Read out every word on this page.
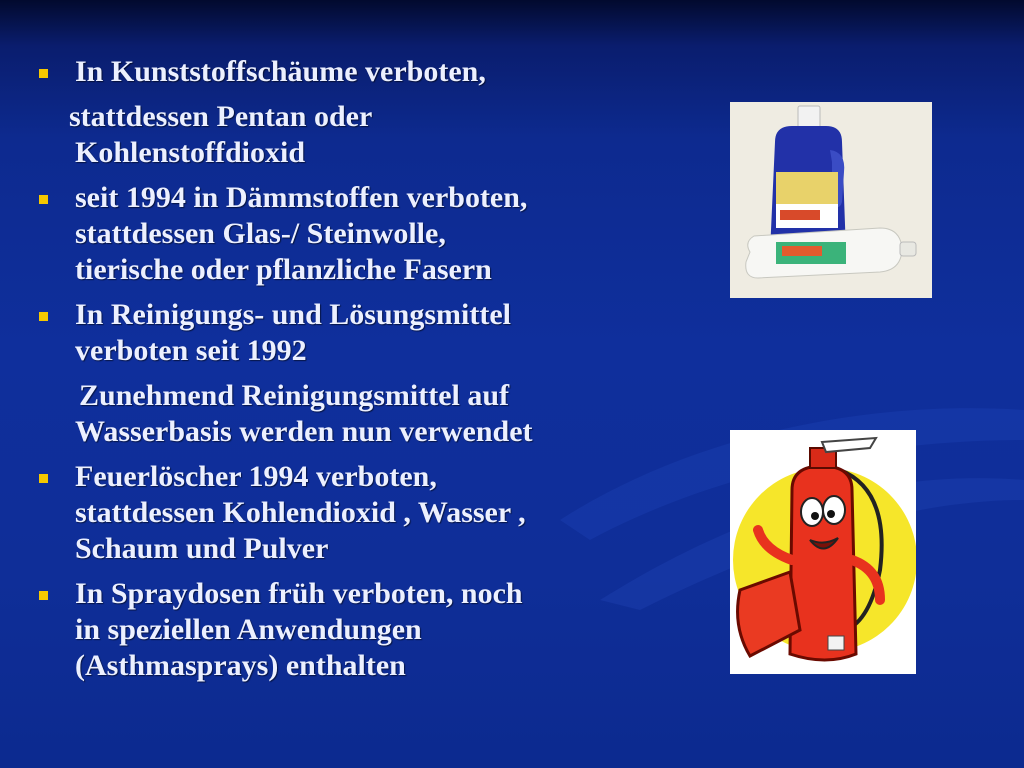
In Kunststoffschäume verboten,
stattdessen Pentan oder
Kohlenstoffdioxid
seit 1994 in Dämmstoffen verboten,
stattdessen Glas-/ Steinwolle,
tierische oder pflanzliche Fasern
In Reinigungs- und Lösungsmittel
verboten seit 1992
Zunehmend Reinigungsmittel auf
Wasserbasis werden nun verwendet
Feuerlöscher 1994 verboten,
stattdessen Kohlendioxid , Wasser ,
Schaum und Pulver
In Spraydosen früh verboten, noch
in speziellen Anwendungen
(Asthmasprays) enthalten
